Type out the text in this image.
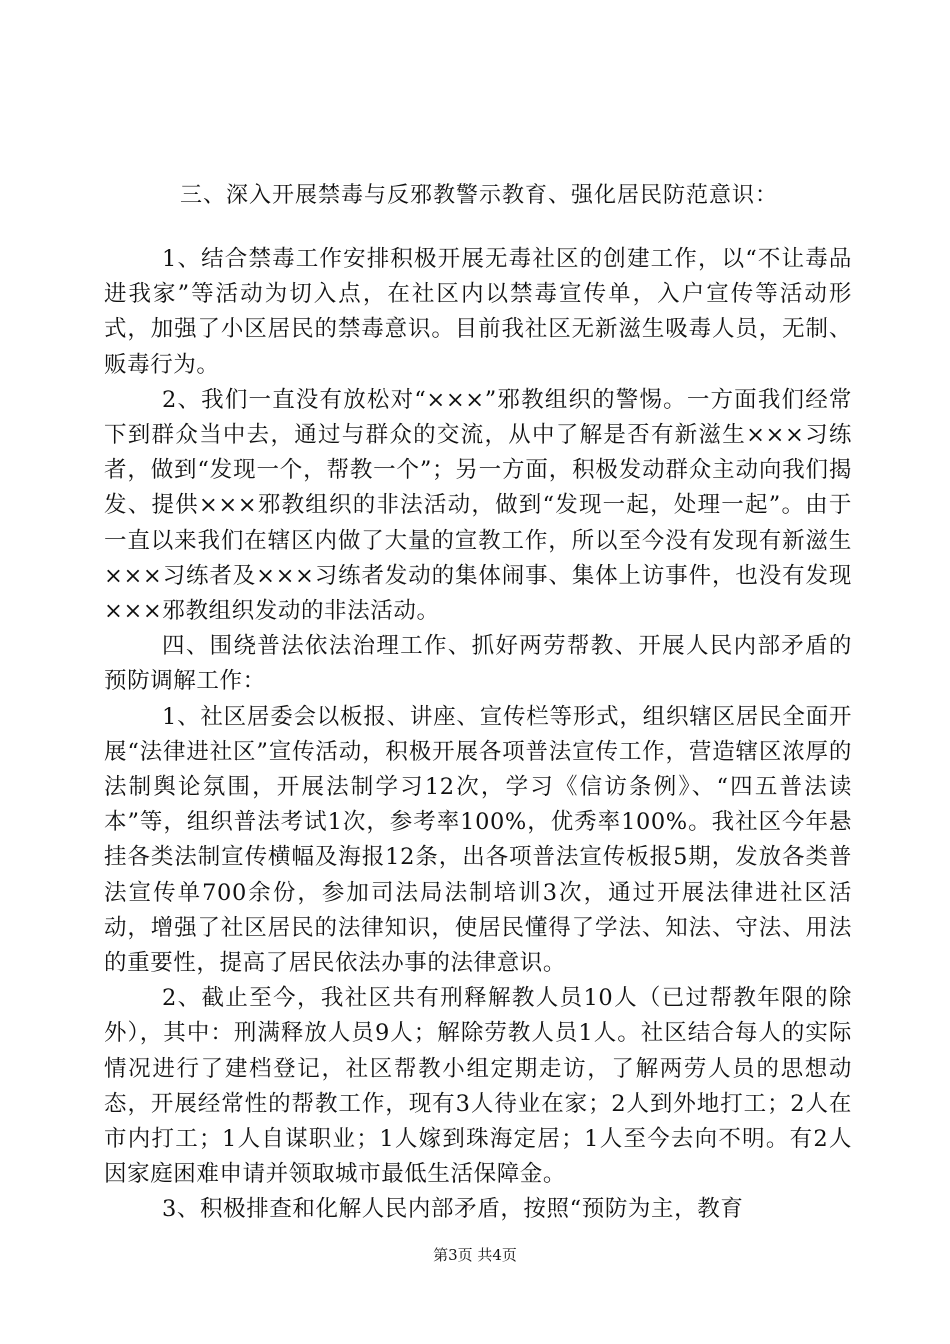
三、深入开展禁毒与反邪教警示教育、强化居民防范意识：

1、结合禁毒工作安排积极开展无毒社区的创建工作，以“不让毒品进我家”等活动为切入点，在社区内以禁毒宣传单，入户宣传等活动形式，加强了小区居民的禁毒意识。目前我社区无新滋生吸毒人员，无制、贩毒行为。

2、我们一直没有放松对“×××”邪教组织的警惕。一方面我们经常下到群众当中去，通过与群众的交流，从中了解是否有新滋生×××习练者，做到“发现一个，帮教一个”；另一方面，积极发动群众主动向我们揭发、提供×××邪教组织的非法活动，做到“发现一起，处理一起”。由于一直以来我们在辖区内做了大量的宣教工作，所以至今没有发现有新滋生×××习练者及×××习练者发动的集体闹事、集体上访事件，也没有发现×××邪教组织发动的非法活动。

四、围绕普法依法治理工作、抓好两劳帮教、开展人民内部矛盾的预防调解工作：

1、社区居委会以板报、讲座、宣传栏等形式，组织辖区居民全面开展“法律进社区”宣传活动，积极开展各项普法宣传工作，营造辖区浓厚的法制舆论氛围，开展法制学习12次，学习《信访条例》、“四五普法读本”等，组织普法考试1次，参考率100%，优秀率100%。我社区今年悬挂各类法制宣传横幅及海报12条，出各项普法宣传板报5期，发放各类普法宣传单700余份，参加司法局法制培训3次，通过开展法律进社区活动，增强了社区居民的法律知识，使居民懂得了学法、知法、守法、用法的重要性，提高了居民依法办事的法律意识。

2、截止至今，我社区共有刑释解教人员10人（已过帮教年限的除外），其中：刑满释放人员9人；解除劳教人员1人。社区结合每人的实际情况进行了建档登记，社区帮教小组定期走访，了解两劳人员的思想动态，开展经常性的帮教工作，现有3人待业在家；2人到外地打工；2人在市内打工；1人自谋职业；1人嫁到珠海定居；1人至今去向不明。有2人因家庭困难申请并领取城市最低生活保障金。

3、积极排查和化解人民内部矛盾，按照“预防为主，教育

第3页 共4页
